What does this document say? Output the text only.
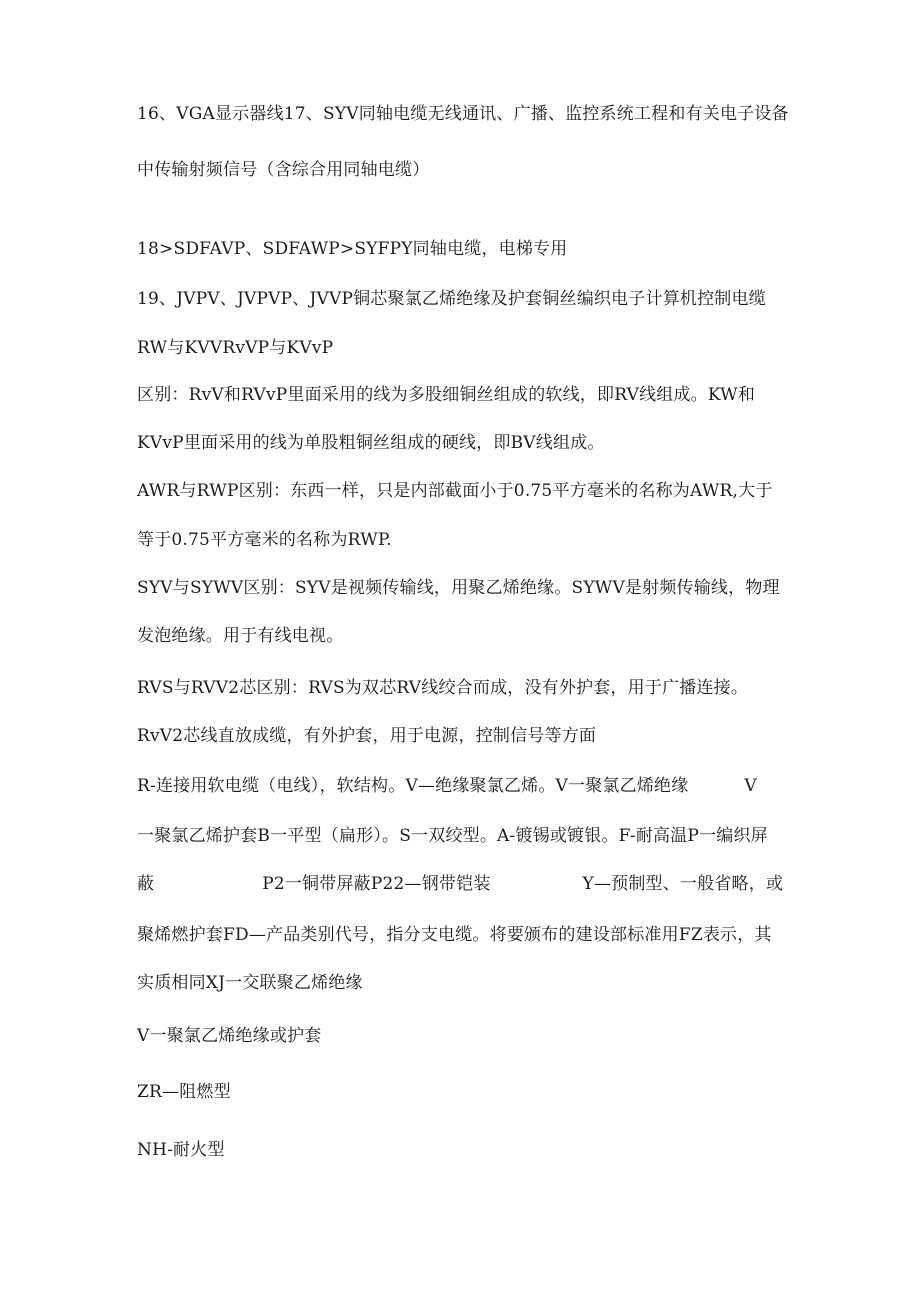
16、VGA显示器线17、SYV同轴电缆无线通讯、广播、监控系统工程和有关电子设备
中传输射频信号（含综合用同轴电缆）
18>SDFAVP、SDFAWP>SYFPY同轴电缆，电梯专用
19、JVPV、JVPVP、JVVP铜芯聚氯乙烯绝缘及护套铜丝编织电子计算机控制电缆
RW与KVVRvVP与KVvP
区别：RvV和RVvP里面采用的线为多股细铜丝组成的软线，即RV线组成。KW和
KVvP里面采用的线为单股粗铜丝组成的硬线，即BV线组成。
AWR与RWP区别：东西一样，只是内部截面小于0.75平方毫米的名称为AWR,大于
等于0.75平方毫米的名称为RWP.
SYV与SYWV区别：SYV是视频传输线，用聚乙烯绝缘。SYWV是射频传输线，物理
发泡绝缘。用于有线电视。
RVS与RVV2芯区别：RVS为双芯RV线绞合而成，没有外护套，用于广播连接。
RvV2芯线直放成缆，有外护套，用于电源，控制信号等方面
R-连接用软电缆（电线），软结构。V—绝缘聚氯乙烯。V一聚氯乙烯绝缘	V
一聚氯乙烯护套B一平型（扁形）。S一双绞型。A-镀锡或镀银。F-耐高温P一编织屏
蔽	P2一铜带屏蔽P22—钢带铠装	Y—预制型、一般省略，或
聚烯燃护套FD—产品类别代号，指分支电缆。将要颁布的建设部标准用FZ表示，其
实质相同XJ一交联聚乙烯绝缘
V一聚氯乙烯绝缘或护套
ZR—阻燃型
NH-耐火型
